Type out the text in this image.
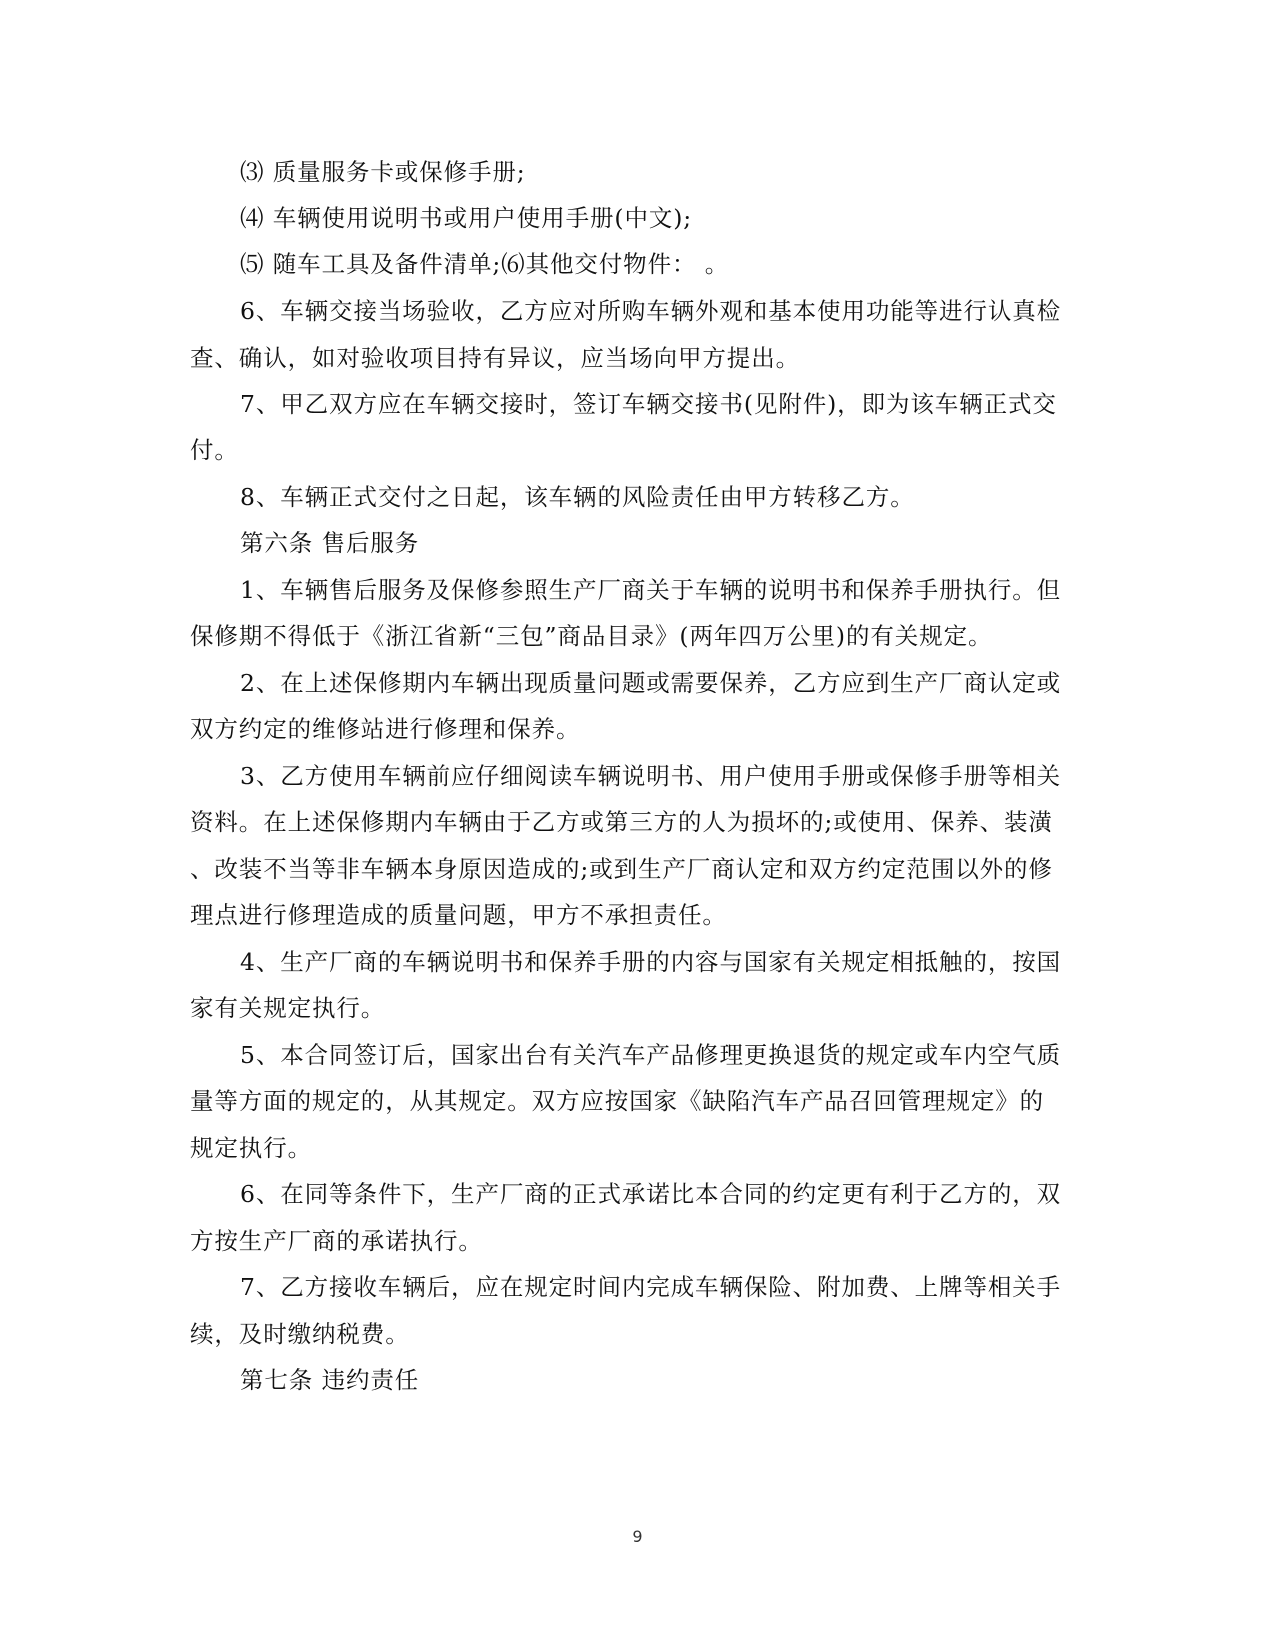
⑶ 质量服务卡或保修手册;
⑷ 车辆使用说明书或用户使用手册(中文);
⑸ 随车工具及备件清单;⑹其他交付物件： 。
6、车辆交接当场验收，乙方应对所购车辆外观和基本使用功能等进行认真检
查、确认，如对验收项目持有异议，应当场向甲方提出。
7、甲乙双方应在车辆交接时，签订车辆交接书(见附件)，即为该车辆正式交
付。
8、车辆正式交付之日起，该车辆的风险责任由甲方转移乙方。
第六条 售后服务
1、车辆售后服务及保修参照生产厂商关于车辆的说明书和保养手册执行。但
保修期不得低于《浙江省新“三包”商品目录》(两年四万公里)的有关规定。
2、在上述保修期内车辆出现质量问题或需要保养，乙方应到生产厂商认定或
双方约定的维修站进行修理和保养。
3、乙方使用车辆前应仔细阅读车辆说明书、用户使用手册或保修手册等相关
资料。在上述保修期内车辆由于乙方或第三方的人为损坏的;或使用、保养、装潢
、改装不当等非车辆本身原因造成的;或到生产厂商认定和双方约定范围以外的修
理点进行修理造成的质量问题，甲方不承担责任。
4、生产厂商的车辆说明书和保养手册的内容与国家有关规定相抵触的，按国
家有关规定执行。
5、本合同签订后，国家出台有关汽车产品修理更换退货的规定或车内空气质
量等方面的规定的，从其规定。双方应按国家《缺陷汽车产品召回管理规定》的
规定执行。
6、在同等条件下，生产厂商的正式承诺比本合同的约定更有利于乙方的，双
方按生产厂商的承诺执行。
7、乙方接收车辆后，应在规定时间内完成车辆保险、附加费、上牌等相关手
续，及时缴纳税费。
第七条 违约责任
9
